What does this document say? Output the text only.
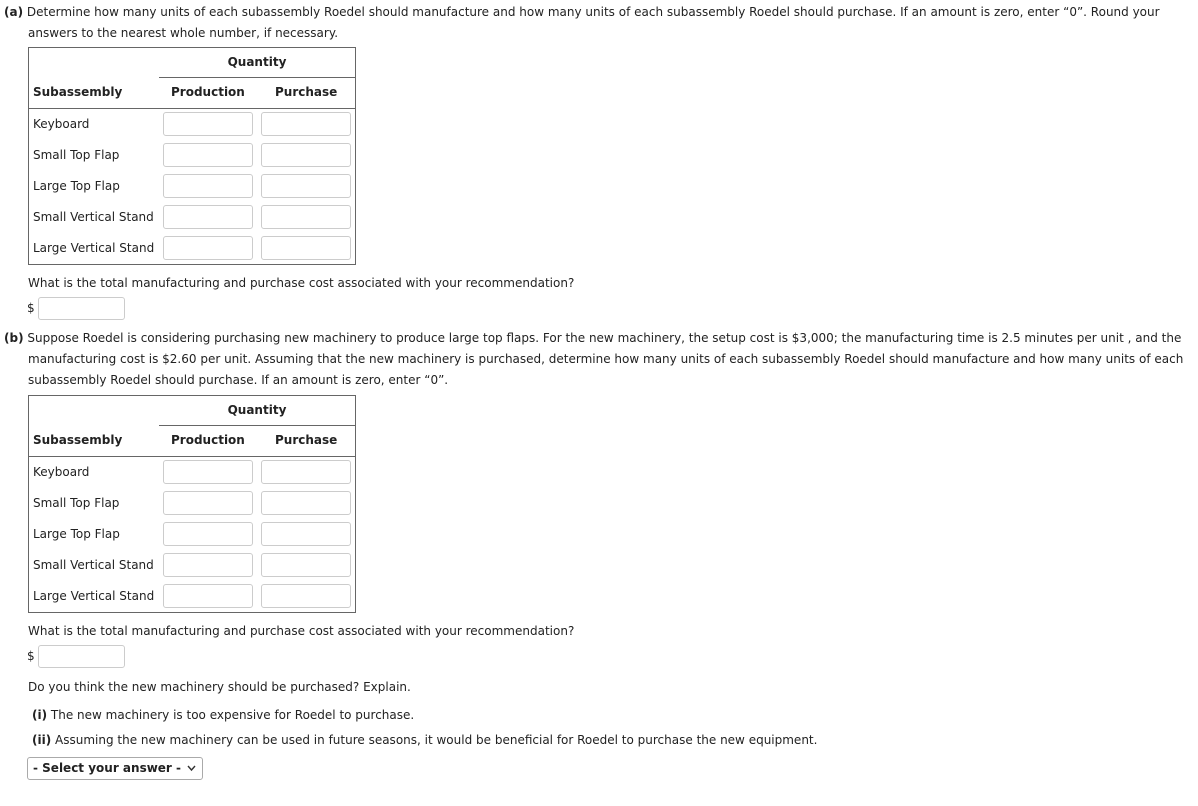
(a) Determine how many units of each subassembly Roedel should manufacture and how many units of each subassembly Roedel should purchase. If an amount is zero, enter “0”. Round your
answers to the nearest whole number, if necessary.
Quantity
Subassembly	Production	Purchase
Keyboard
Small Top Flap
Large Top Flap
Small Vertical Stand
Large Vertical Stand
What is the total manufacturing and purchase cost associated with your recommendation?
$
(b) Suppose Roedel is considering purchasing new machinery to produce large top flaps. For the new machinery, the setup cost is $3,000; the manufacturing time is 2.5 minutes per unit , and the
manufacturing cost is $2.60 per unit. Assuming that the new machinery is purchased, determine how many units of each subassembly Roedel should manufacture and how many units of each
subassembly Roedel should purchase. If an amount is zero, enter “0”.
Quantity
Subassembly	Production	Purchase
Keyboard
Small Top Flap
Large Top Flap
Small Vertical Stand
Large Vertical Stand
What is the total manufacturing and purchase cost associated with your recommendation?
$
Do you think the new machinery should be purchased? Explain.
(i) The new machinery is too expensive for Roedel to purchase.
(ii) Assuming the new machinery can be used in future seasons, it would be beneficial for Roedel to purchase the new equipment.
- Select your answer -
